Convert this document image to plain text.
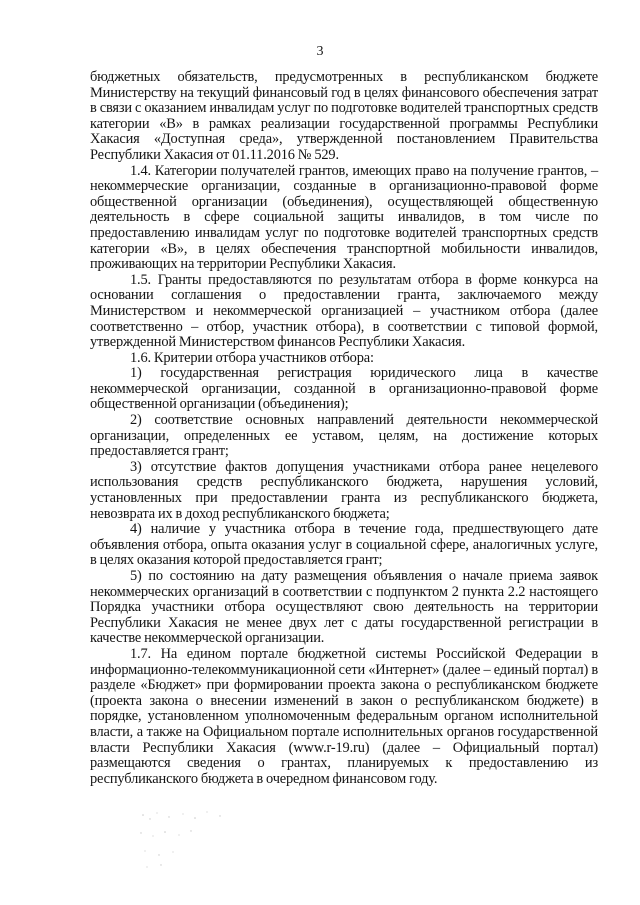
3

бюджетных обязательств, предусмотренных в республиканском бюджете Министерству на текущий финансовый год в целях финансового обеспечения затрат в связи с оказанием инвалидам услуг по подготовке водителей транспортных средств категории «В» в рамках реализации государственной программы Республики Хакасия «Доступная среда», утвержденной постановлением Правительства Республики Хакасия от 01.11.2016 № 529.

1.4. Категории получателей грантов, имеющих право на получение грантов, – некоммерческие организации, созданные в организационно-правовой форме общественной организации (объединения), осуществляющей общественную деятельность в сфере социальной защиты инвалидов, в том числе по предоставлению инвалидам услуг по подготовке водителей транспортных средств категории «В», в целях обеспечения транспортной мобильности инвалидов, проживающих на территории Республики Хакасия.

1.5. Гранты предоставляются по результатам отбора в форме конкурса на основании соглашения о предоставлении гранта, заключаемого между Министерством и некоммерческой организацией – участником отбора (далее соответственно – отбор, участник отбора), в соответствии с типовой формой, утвержденной Министерством финансов Республики Хакасия.

1.6. Критерии отбора участников отбора:

1) государственная регистрация юридического лица в качестве некоммерческой организации, созданной в организационно-правовой форме общественной организации (объединения);

2) соответствие основных направлений деятельности некоммерческой организации, определенных ее уставом, целям, на достижение которых предоставляется грант;

3) отсутствие фактов допущения участниками отбора ранее нецелевого использования средств республиканского бюджета, нарушения условий, установленных при предоставлении гранта из республиканского бюджета, невозврата их в доход республиканского бюджета;

4) наличие у участника отбора в течение года, предшествующего дате объявления отбора, опыта оказания услуг в социальной сфере, аналогичных услуге, в целях оказания которой предоставляется грант;

5) по состоянию на дату размещения объявления о начале приема заявок некоммерческих организаций в соответствии с подпунктом 2 пункта 2.2 настоящего Порядка участники отбора осуществляют свою деятельность на территории Республики Хакасия не менее двух лет с даты государственной регистрации в качестве некоммерческой организации.

1.7. На едином портале бюджетной системы Российской Федерации в информационно-телекоммуникационной сети «Интернет» (далее – единый портал) в разделе «Бюджет» при формировании проекта закона о республиканском бюджете (проекта закона о внесении изменений в закон о республиканском бюджете) в порядке, установленном уполномоченным федеральным органом исполнительной власти, а также на Официальном портале исполнительных органов государственной власти Республики Хакасия (www.r-19.ru) (далее – Официальный портал) размещаются сведения о грантах, планируемых к предоставлению из республиканского бюджета в очередном финансовом году.
